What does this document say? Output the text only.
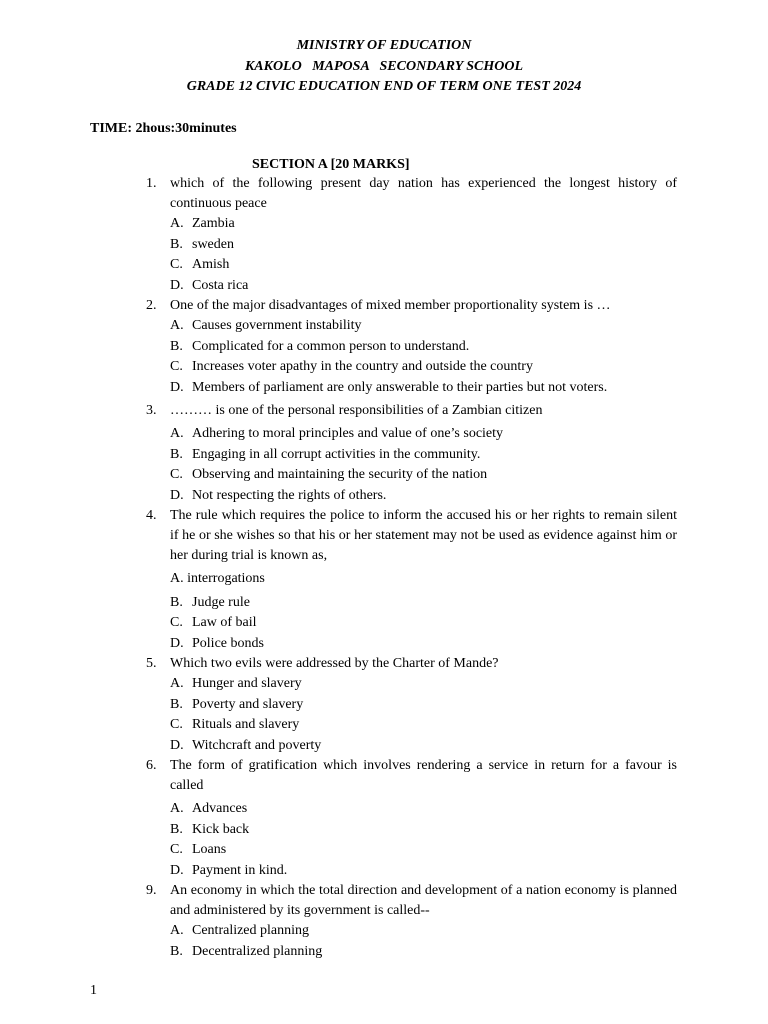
MINISTRY OF EDUCATION
KAKOLO   MAPOSA   SECONDARY SCHOOL
GRADE 12 CIVIC EDUCATION END OF TERM ONE TEST 2024
TIME: 2hous:30minutes
SECTION A [20 MARKS]
1. which of the following present day nation has experienced the longest history of continuous peace
A. Zambia
B. sweden
C. Amish
D. Costa rica
2. One of the major disadvantages of mixed member proportionality system is …
A. Causes government instability
B. Complicated for a common person to understand.
C. Increases voter apathy in the country and outside the country
D. Members of parliament are only answerable to their parties but not voters.
3. ……… is one of the personal responsibilities of a Zambian citizen
A. Adhering to moral principles and value of one’s society
B. Engaging in all corrupt activities in the community.
C. Observing and maintaining the security of the nation
D. Not respecting the rights of others.
4. The rule which requires the police to inform the accused his or her rights to remain silent if he or she wishes so that his or her statement may not be used as evidence against him or her during trial is known as,
A. interrogations
B. Judge rule
C. Law of bail
D. Police bonds
5. Which two evils were addressed by the Charter of Mande?
A. Hunger and slavery
B. Poverty and slavery
C. Rituals and slavery
D. Witchcraft and poverty
6. The form of gratification which involves rendering a service in return for a favour is called
A. Advances
B. Kick back
C. Loans
D. Payment in kind.
9. An economy in which the total direction and development of a nation economy is planned and administered by its government is called--
A. Centralized planning
B. Decentralized planning
1
